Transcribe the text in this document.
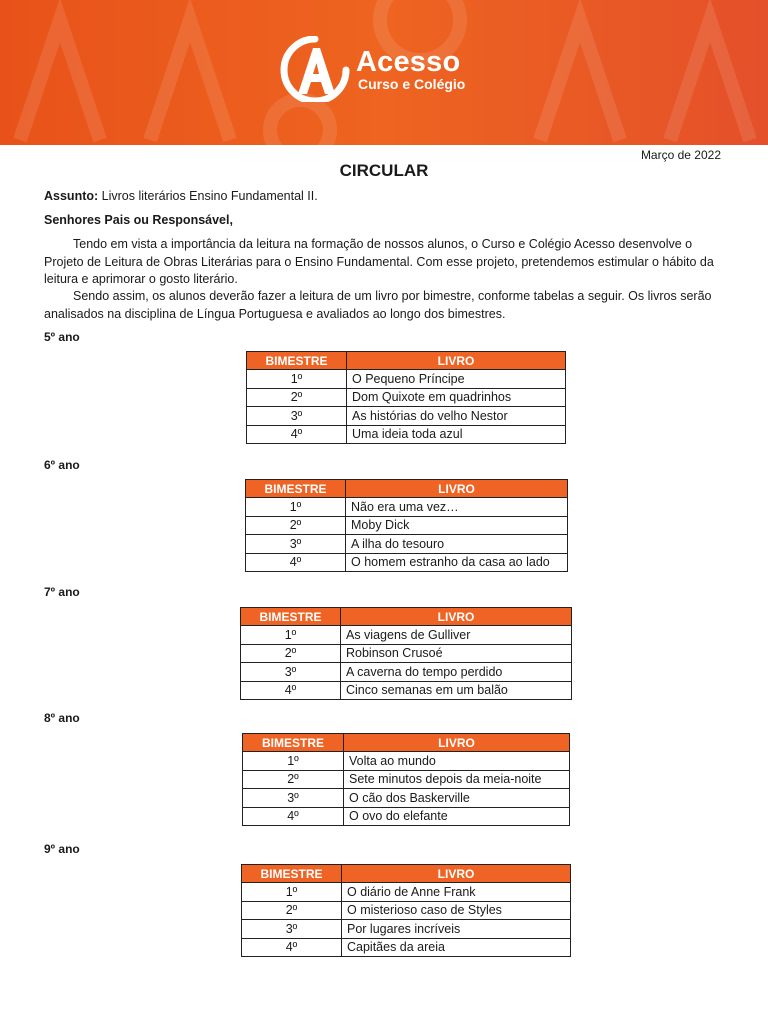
Acesso
Curso e Colégio
Março de 2022
CIRCULAR

Assunto: Livros literários Ensino Fundamental II.

Senhores Pais ou Responsável,

Tendo em vista a importância da leitura na formação de nossos alunos, o Curso e Colégio Acesso desenvolve o Projeto de Leitura de Obras Literárias para o Ensino Fundamental. Com esse projeto, pretendemos estimular o hábito da leitura e aprimorar o gosto literário.

Sendo assim, os alunos deverão fazer a leitura de um livro por bimestre, conforme tabelas a seguir. Os livros serão analisados na disciplina de Língua Portuguesa e avaliados ao longo dos bimestres.

5º ano
BIMESTRE	LIVRO
1º	O Pequeno Príncipe
2º	Dom Quixote em quadrinhos
3º	As histórias do velho Nestor
4º	Uma ideia toda azul
6º ano
BIMESTRE	LIVRO
1º	Não era uma vez…
2º	Moby Dick
3º	A ilha do tesouro
4º	O homem estranho da casa ao lado
7º ano
BIMESTRE	LIVRO
1º	As viagens de Gulliver
2º	Robinson Crusoé
3º	A caverna do tempo perdido
4º	Cinco semanas em um balão
8º ano
BIMESTRE	LIVRO
1º	Volta ao mundo
2º	Sete minutos depois da meia-noite
3º	O cão dos Baskerville
4º	O ovo do elefante
9º ano
BIMESTRE	LIVRO
1º	O diário de Anne Frank
2º	O misterioso caso de Styles
3º	Por lugares incríveis
4º	Capitães da areia
